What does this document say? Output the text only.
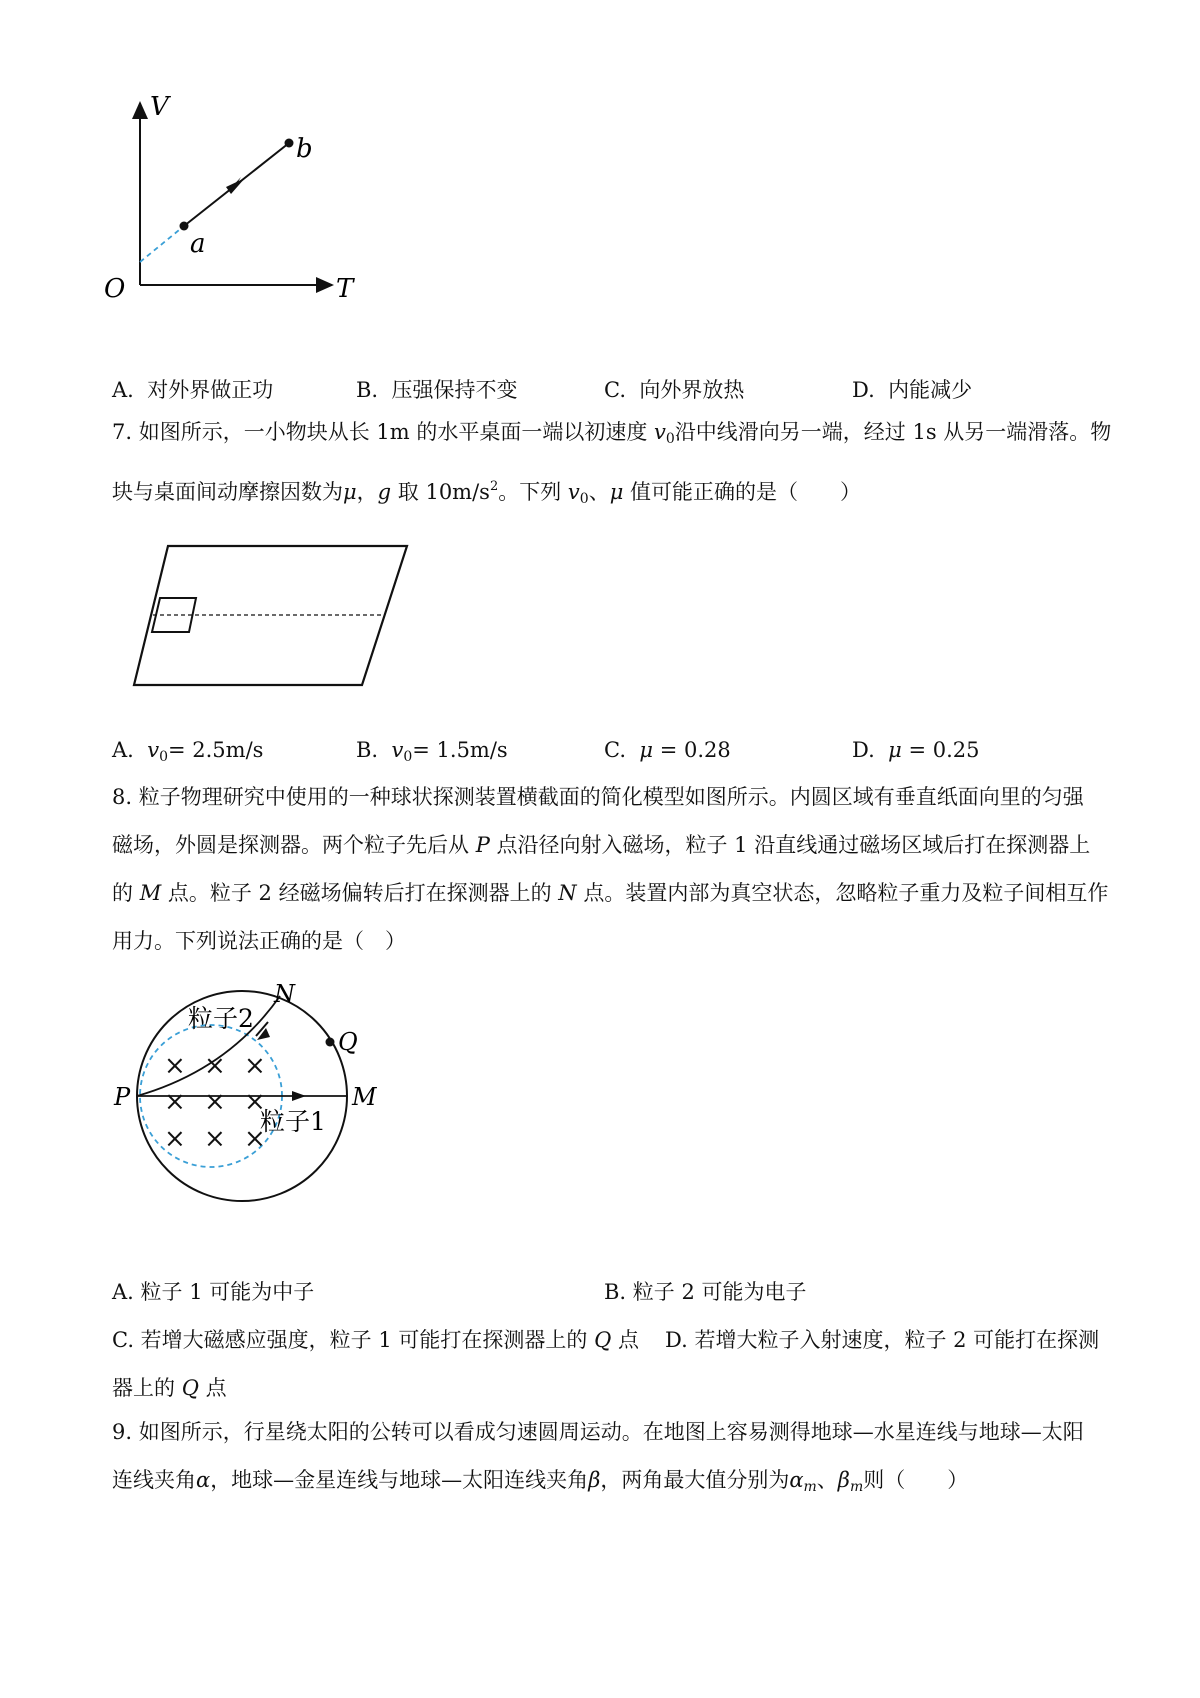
V
T
O
a
b
A. 对外界做正功	B. 压强保持不变	C. 向外界放热	D. 内能减少
7. 如图所示，一小物块从长 1m 的水平桌面一端以初速度 $v_0$沿中线滑向另一端，经过 1s 从另一端滑落。物
块与桌面间动摩擦因数为μ，g 取 $10m/s^2$。下列 $v_0$、μ 值可能正确的是（　　）
A. $v_0= 2.5m/s$	B. $v_0= 1.5m/s$	C. μ = 0.28	D. μ = 0.25
8. 粒子物理研究中使用的一种球状探测装置横截面的简化模型如图所示。内圆区域有垂直纸面向里的匀强
磁场，外圆是探测器。两个粒子先后从 P 点沿径向射入磁场，粒子 1 沿直线通过磁场区域后打在探测器上
的 M 点。粒子 2 经磁场偏转后打在探测器上的 N 点。装置内部为真空状态，忽略粒子重力及粒子间相互作
用力。下列说法正确的是（　）
× × ×
× × ×
× × ×
N
Q
P	M
粒子1
粒子2
A. 粒子 1 可能为中子	B. 粒子 2 可能为电子
C. 若增大磁感应强度，粒子 1 可能打在探测器上的 Q 点 D. 若增大粒子入射速度，粒子 2 可能打在探测
器上的 Q 点
9. 如图所示，行星绕太阳的公转可以看成匀速圆周运动。在地图上容易测得地球—水星连线与地球—太阳
连线夹角α，地球—金星连线与地球—太阳连线夹角β，两角最大值分别为$\alpha_m$、$\beta_m$则（　　）
